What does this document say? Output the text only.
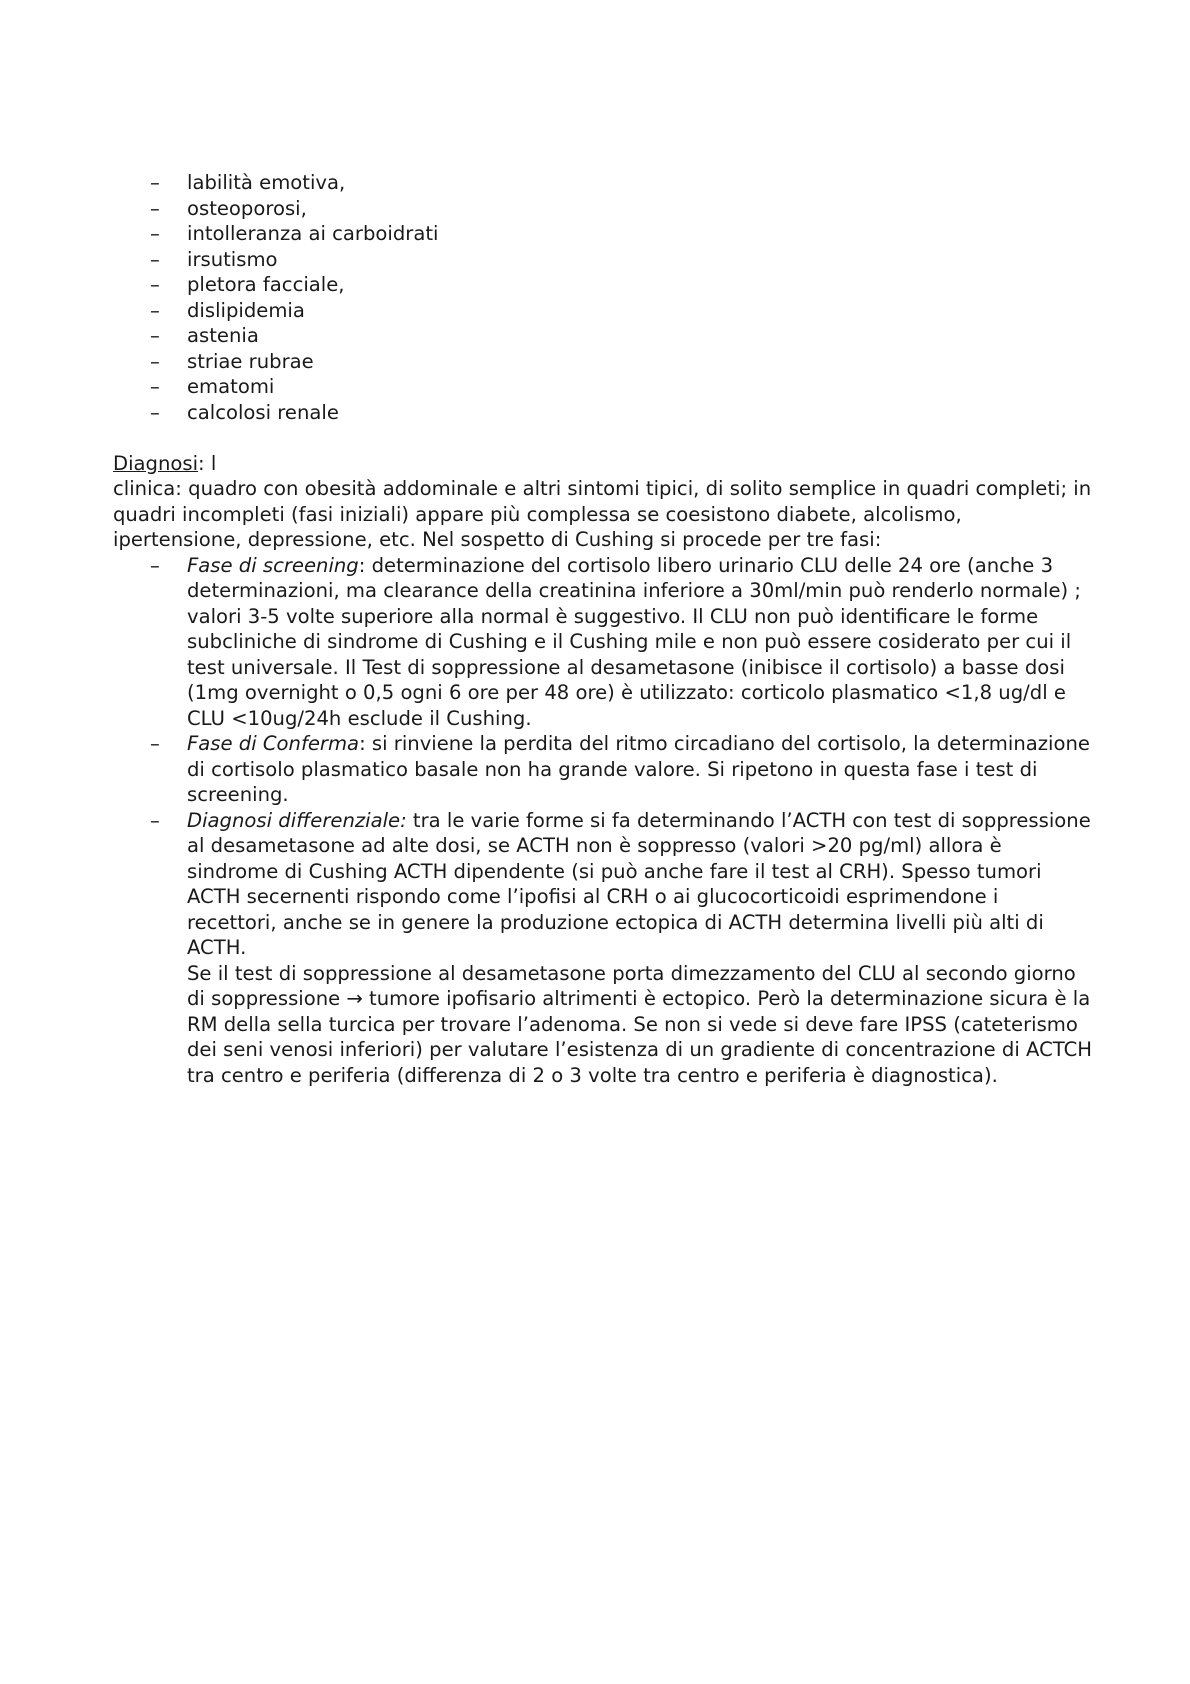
– labilità emotiva,
– osteoporosi,
– intolleranza ai carboidrati
– irsutismo
– pletora facciale,
– dislipidemia
– astenia
– striae rubrae
– ematomi
– calcolosi renale
Diagnosi: l

clinica: quadro con obesità addominale e altri sintomi tipici, di solito semplice in quadri completi; in quadri incompleti (fasi iniziali) appare più complessa se coesistono diabete, alcolismo, ipertensione, depressione, etc. Nel sospetto di Cushing si procede per tre fasi:

– Fase di screening: determinazione del cortisolo libero urinario CLU delle 24 ore (anche 3 determinazioni, ma clearance della creatinina inferiore a 30ml/min può renderlo normale) ; valori 3-5 volte superiore alla normal è suggestivo. Il CLU non può identificare le forme subcliniche di sindrome di Cushing e il Cushing mile e non può essere cosiderato per cui il test universale. Il Test di soppressione al desametasone (inibisce il cortisolo) a basse dosi (1mg overnight o 0,5 ogni 6 ore per 48 ore) è utilizzato: corticolo plasmatico <1,8 ug/dl e CLU <10ug/24h esclude il Cushing.
– Fase di Conferma: si rinviene la perdita del ritmo circadiano del cortisolo, la determinazione di cortisolo plasmatico basale non ha grande valore. Si ripetono in questa fase i test di screening.
– Diagnosi differenziale: tra le varie forme si fa determinando l’ACTH con test di soppressione al desametasone ad alte dosi, se ACTH non è soppresso (valori >20 pg/ml) allora è sindrome di Cushing ACTH dipendente (si può anche fare il test al CRH). Spesso tumori ACTH secernenti rispondo come l’ipofisi al CRH o ai glucocorticoidi esprimendone i recettori, anche se in genere la produzione ectopica di ACTH determina livelli più alti di ACTH.
Se il test di soppressione al desametasone porta dimezzamento del CLU al secondo giorno di soppressione → tumore ipofisario altrimenti è ectopico. Però la determinazione sicura è la RM della sella turcica per trovare l’adenoma. Se non si vede si deve fare IPSS (cateterismo dei seni venosi inferiori) per valutare l’esistenza di un gradiente di concentrazione di ACTCH tra centro e periferia (differenza di 2 o 3 volte tra centro e periferia è diagnostica).
